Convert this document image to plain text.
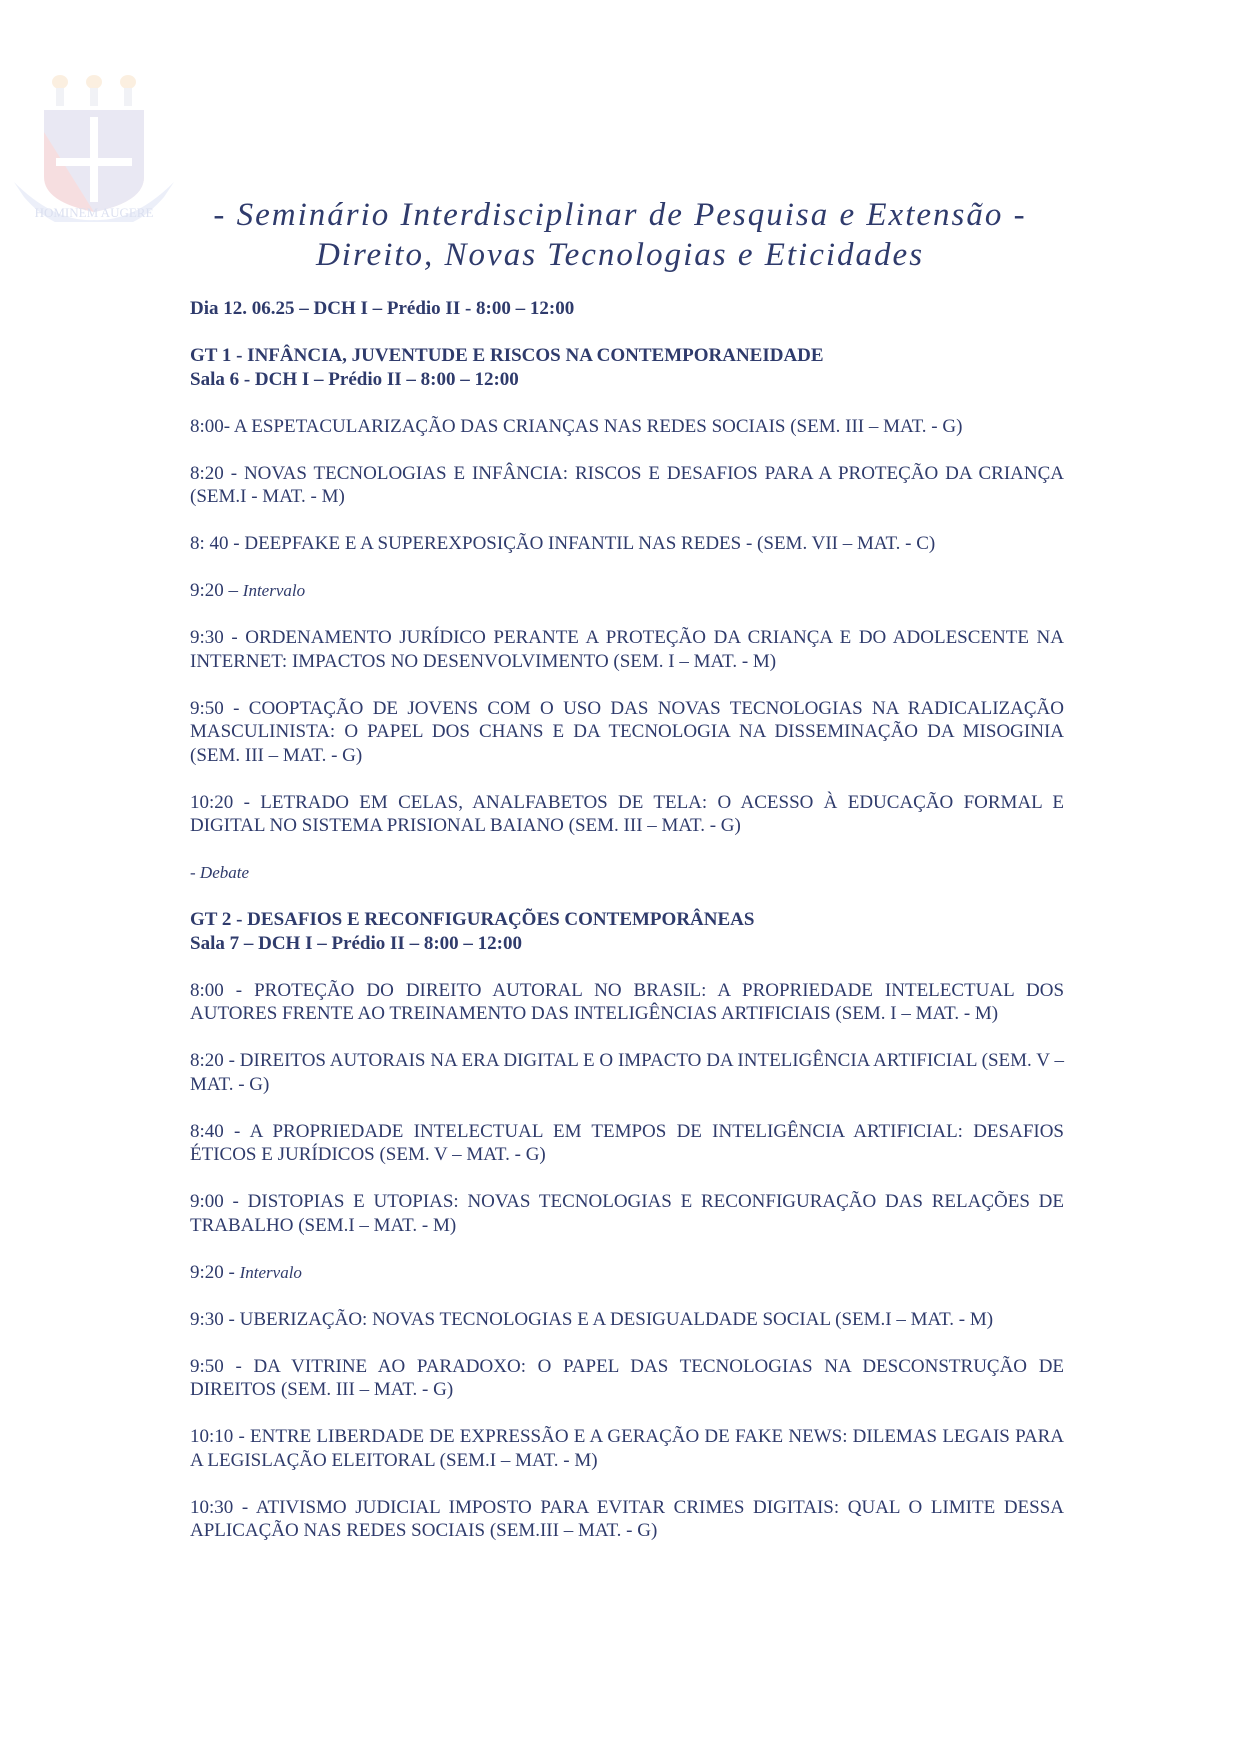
HOMINEM AUGERE	- Seminário Interdisciplinar de Pesquisa e Extensão -
Direito, Novas Tecnologias e Eticidades

Dia 12. 06.25 – DCH I – Prédio II - 8:00 – 12:00

GT 1 - INFÂNCIA, JUVENTUDE E RISCOS NA CONTEMPORANEIDADE

Sala 6 - DCH I – Prédio II – 8:00 – 12:00

8:00- A ESPETACULARIZAÇÃO DAS CRIANÇAS NAS REDES SOCIAIS (SEM. III – MAT. - G)

8:20 - NOVAS TECNOLOGIAS E INFÂNCIA: RISCOS E DESAFIOS PARA A PROTEÇÃO DA CRIANÇA (SEM.I - MAT. - M)

8: 40 - DEEPFAKE E A SUPEREXPOSIÇÃO INFANTIL NAS REDES - (SEM. VII – MAT. - C)

9:20 – Intervalo

9:30 - ORDENAMENTO JURÍDICO PERANTE A PROTEÇÃO DA CRIANÇA E DO ADOLESCENTE NA INTERNET: IMPACTOS NO DESENVOLVIMENTO (SEM. I – MAT. - M)

9:50 - COOPTAÇÃO DE JOVENS COM O USO DAS NOVAS TECNOLOGIAS NA RADICALIZAÇÃO MASCULINISTA: O PAPEL DOS CHANS E DA TECNOLOGIA NA DISSEMINAÇÃO DA MISOGINIA (SEM. III – MAT. - G)

10:20 - LETRADO EM CELAS, ANALFABETOS DE TELA: O ACESSO À EDUCAÇÃO FORMAL E DIGITAL NO SISTEMA PRISIONAL BAIANO (SEM. III – MAT. - G)

- Debate

GT 2 - DESAFIOS E RECONFIGURAÇÕES CONTEMPORÂNEAS

Sala 7 – DCH I – Prédio II – 8:00 – 12:00

8:00 - PROTEÇÃO DO DIREITO AUTORAL NO BRASIL: A PROPRIEDADE INTELECTUAL DOS AUTORES FRENTE AO TREINAMENTO DAS INTELIGÊNCIAS ARTIFICIAIS (SEM. I – MAT. - M)

8:20 - DIREITOS AUTORAIS NA ERA DIGITAL E O IMPACTO DA INTELIGÊNCIA ARTIFICIAL (SEM. V – MAT. - G)

8:40 - A PROPRIEDADE INTELECTUAL EM TEMPOS DE INTELIGÊNCIA ARTIFICIAL: DESAFIOS ÉTICOS E JURÍDICOS (SEM. V – MAT. - G)

9:00 - DISTOPIAS E UTOPIAS: NOVAS TECNOLOGIAS E RECONFIGURAÇÃO DAS RELAÇÕES DE TRABALHO (SEM.I – MAT. - M)

9:20 - Intervalo

9:30 - UBERIZAÇÃO: NOVAS TECNOLOGIAS E A DESIGUALDADE SOCIAL (SEM.I – MAT. - M)

9:50 - DA VITRINE AO PARADOXO: O PAPEL DAS TECNOLOGIAS NA DESCONSTRUÇÃO DE DIREITOS (SEM. III – MAT. - G)

10:10 - ENTRE LIBERDADE DE EXPRESSÃO E A GERAÇÃO DE FAKE NEWS: DILEMAS LEGAIS PARA A LEGISLAÇÃO ELEITORAL (SEM.I – MAT. - M)

10:30 - ATIVISMO JUDICIAL IMPOSTO PARA EVITAR CRIMES DIGITAIS: QUAL O LIMITE DESSA APLICAÇÃO NAS REDES SOCIAIS (SEM.III – MAT. - G)
